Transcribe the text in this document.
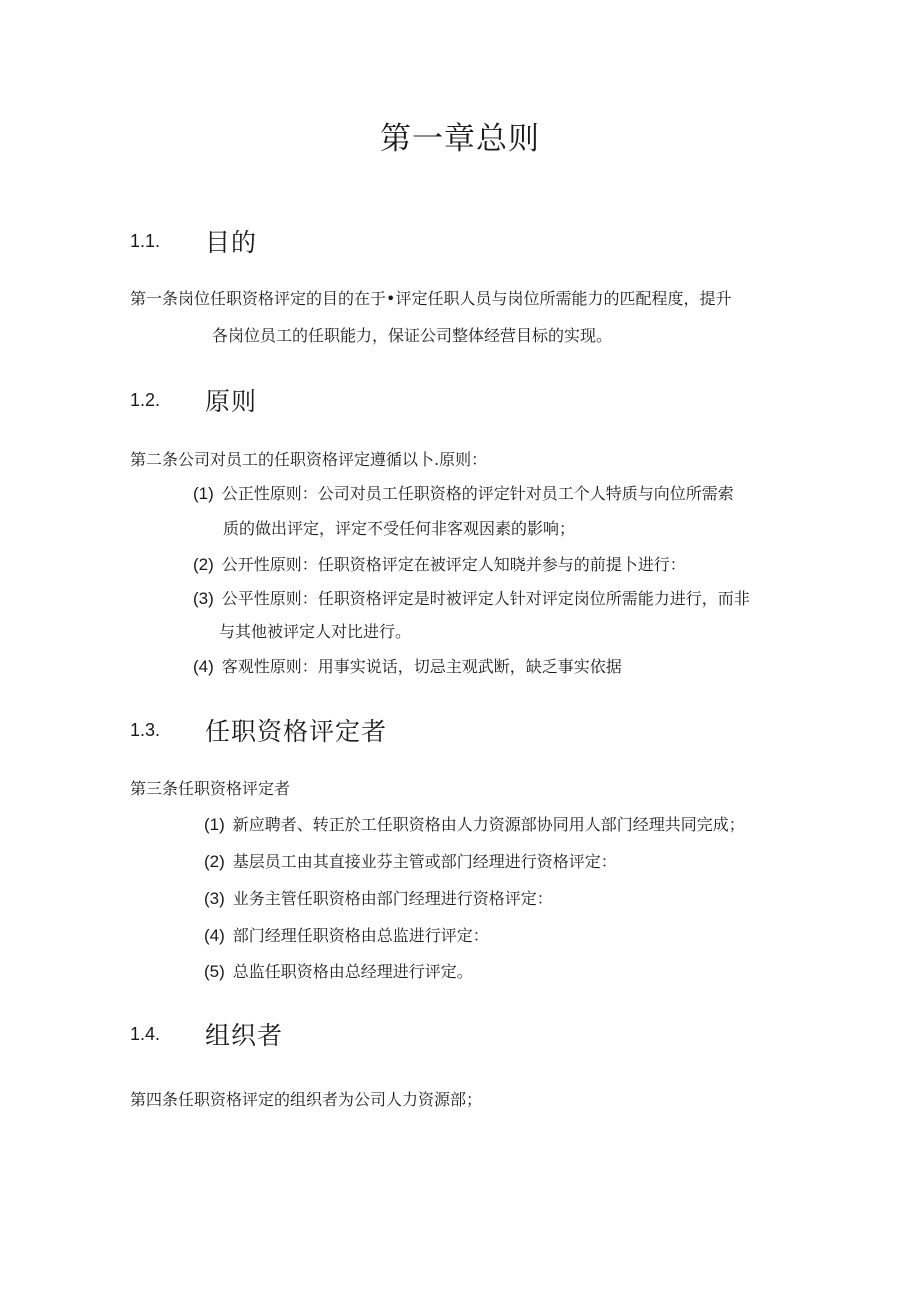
第一章总则
1.1.	目的
第一条岗位任职资格评定的目的在于•评定任职人员与岗位所需能力的匹配程度，提升
各岗位员工的任职能力，保证公司整体经营目标的实现。
1.2.	原则
第二条公司对员工的任职资格评定遵循以卜.原则：
(1) 公正性原则：公司对员工任职资格的评定针对员工个人特质与向位所需索
质的做出评定，评定不受任何非客观因素的影响；
(2) 公开性原则：任职资格评定在被评定人知晓并参与的前提卜进行：
(3) 公平性原则：任职资格评定是时被评定人针对评定岗位所需能力进行，而非
与其他被评定人对比进行。
(4) 客观性原则：用事实说话，切忌主观武断，缺乏事实依据
1.3.	任职资格评定者
第三条任职资格评定者
(1) 新应聘者、转正於工任职资格由人力资源部协同用人部门经理共同完成；
(2) 基层员工由其直接业芬主管或部门经理进行资格评定：
(3) 业务主管任职资格由部门经理进行资格评定：
(4) 部门经理任职资格由总监进行评定：
(5) 总监任职资格由总经理进行评定。
1.4.	组织者
第四条任职资格评定的组织者为公司人力资源部；
